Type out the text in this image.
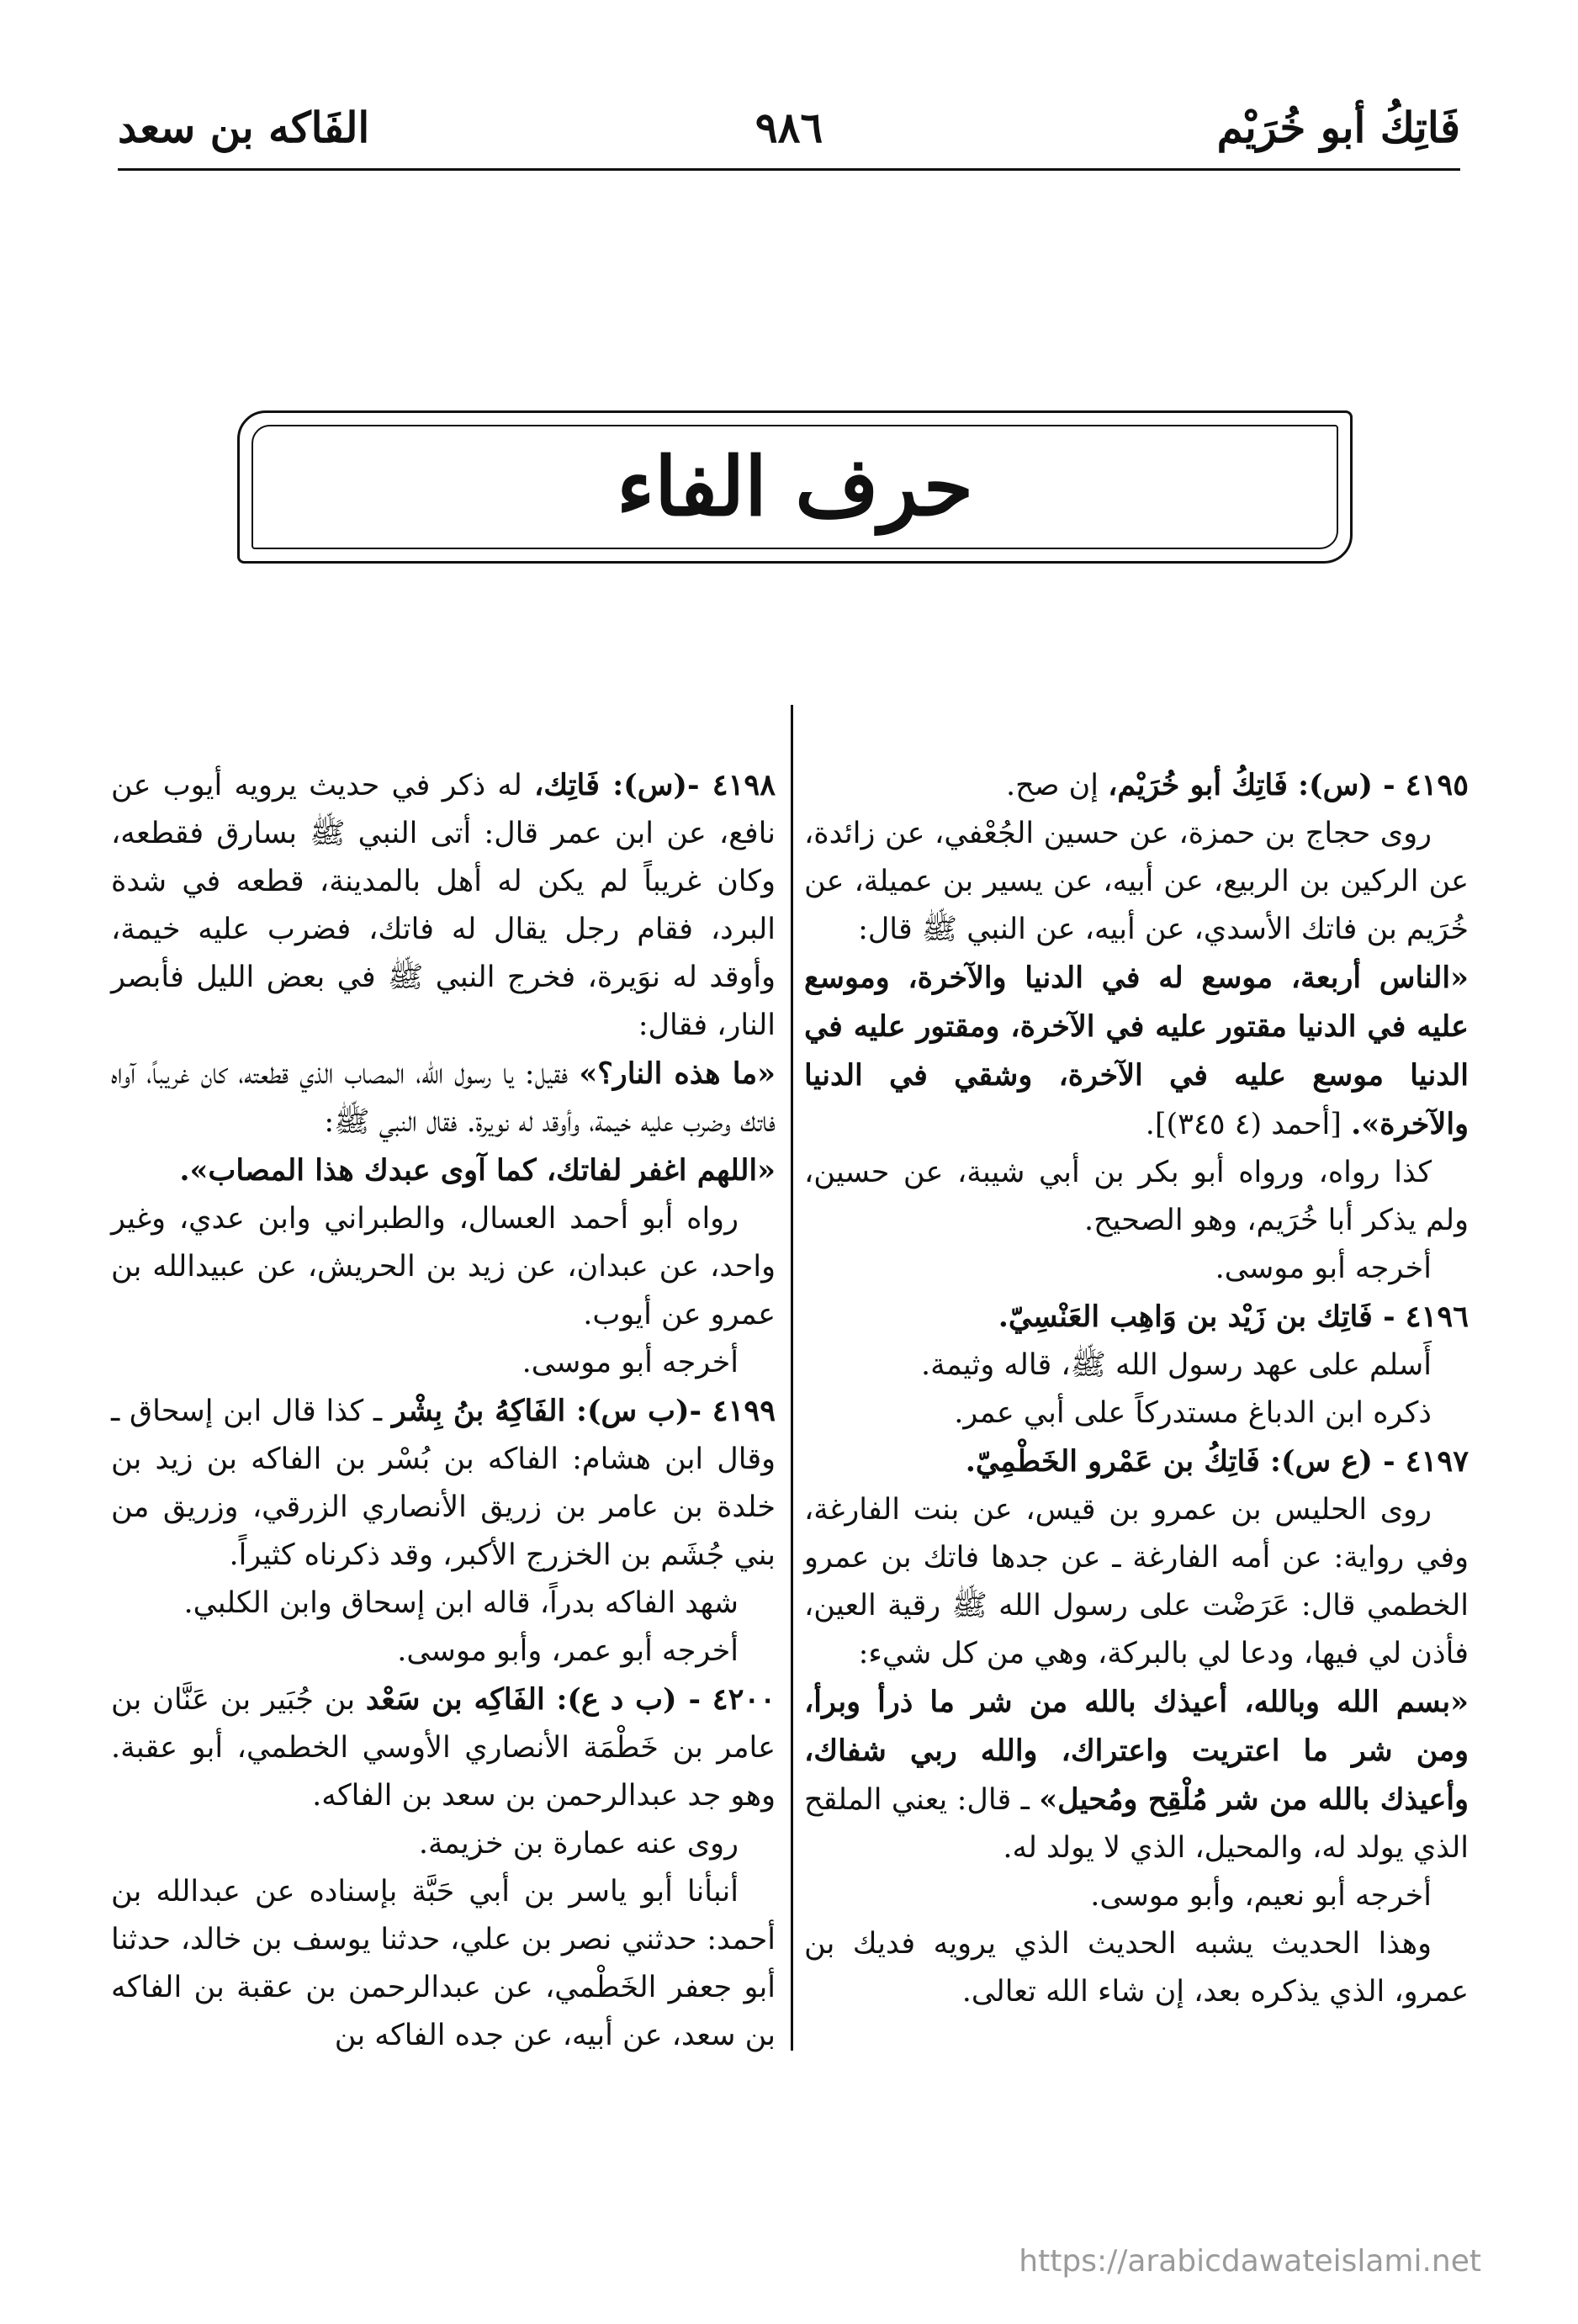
فَاتِكُ أبو خُرَيْم
٩٨٦
الفَاكه بن سعد
حرف الفاء

٤١٩٥ - (س): فَاتِكُ أبو خُرَيْم، إن صح.

روى حجاج بن حمزة، عن حسين الجُعْفي، عن زائدة، عن الركين بن الربيع، عن أبيه، عن يسير بن عميلة، عن خُرَيم بن فاتك الأسدي، عن أبيه، عن النبي ﷺ قال:

«الناس أربعة، موسع له في الدنيا والآخرة، وموسع عليه في الدنيا مقتور عليه في الآخرة، ومقتور عليه في الدنيا موسع عليه في الآخرة، وشقي في الدنيا والآخرة». [أحمد (٤ ٣٤٥)].

كذا رواه، ورواه أبو بكر بن أبي شيبة، عن حسين، ولم يذكر أبا خُرَيم، وهو الصحيح.

أخرجه أبو موسى.

٤١٩٦ - فَاتِك بن زَيْد بن وَاهِب العَنْسِيّ.

أَسلم على عهد رسول الله ﷺ، قاله وثيمة.

ذكره ابن الدباغ مستدركاً على أبي عمر.

٤١٩٧ - (ع س): فَاتِكُ بن عَمْرو الخَطْمِيّ.

روى الحليس بن عمرو بن قيس، عن بنت الفارغة، وفي رواية: عن أمه الفارغة ـ عن جدها فاتك بن عمرو الخطمي قال: عَرَضْت على رسول الله ﷺ رقية العين، فأذن لي فيها، ودعا لي بالبركة، وهي من كل شيء:

«بسم الله وبالله، أعيذك بالله من شر ما ذرأ وبرأ، ومن شر ما اعتريت واعتراك، والله ربي شفاك، وأعيذك بالله من شر مُلْقِح ومُحيل» ـ قال: يعني الملقح الذي يولد له، والمحيل، الذي لا يولد له.

أخرجه أبو نعيم، وأبو موسى.

وهذا الحديث يشبه الحديث الذي يرويه فديك بن عمرو، الذي يذكره بعد، إن شاء الله تعالى.

٤١٩٨ -(س): فَاتِك، له ذكر في حديث يرويه أيوب عن نافع، عن ابن عمر قال: أتى النبي ﷺ بسارق فقطعه، وكان غريباً لم يكن له أهل بالمدينة، قطعه في شدة البرد، فقام رجل يقال له فاتك، فضرب عليه خيمة، وأوقد له نوَيرة، فخرج النبي ﷺ في بعض الليل فأبصر النار، فقال:

«ما هذه النار؟» فقيل: يا رسول الله، المصاب الذي قطعته، كان غريباً، آواه فاتك وضرب عليه خيمة، وأوقد له نويرة. فقال النبي ﷺ:

«اللهم اغفر لفاتك، كما آوى عبدك هذا المصاب».

رواه أبو أحمد العسال، والطبراني وابن عدي، وغير واحد، عن عبدان، عن زيد بن الحريش، عن عبيدالله بن عمرو عن أيوب.

أخرجه أبو موسى.

٤١٩٩ -(ب س): الفَاكِهُ بنُ بِشْر ـ كذا قال ابن إسحاق ـ وقال ابن هشام: الفاكه بن بُسْر بن الفاكه بن زيد بن خلدة بن عامر بن زريق الأنصاري الزرقي، وزريق من بني جُشَم بن الخزرج الأكبر، وقد ذكرناه كثيراً.

شهد الفاكه بدراً، قاله ابن إسحاق وابن الكلبي.

أخرجه أبو عمر، وأبو موسى.

٤٢٠٠ - (ب د ع): الفَاكِه بن سَعْد بن جُبَير بن عَنَّان بن عامر بن خَطْمَة الأنصاري الأوسي الخطمي، أبو عقبة. وهو جد عبدالرحمن بن سعد بن الفاكه.

روى عنه عمارة بن خزيمة.

أنبأنا أبو ياسر بن أبي حَبَّة بإسناده عن عبدالله بن أحمد: حدثني نصر بن علي، حدثنا يوسف بن خالد، حدثنا أبو جعفر الخَطْمي، عن عبدالرحمن بن عقبة بن الفاكه بن سعد، عن أبيه، عن جده الفاكه بن

https://arabicdawateislami.net
